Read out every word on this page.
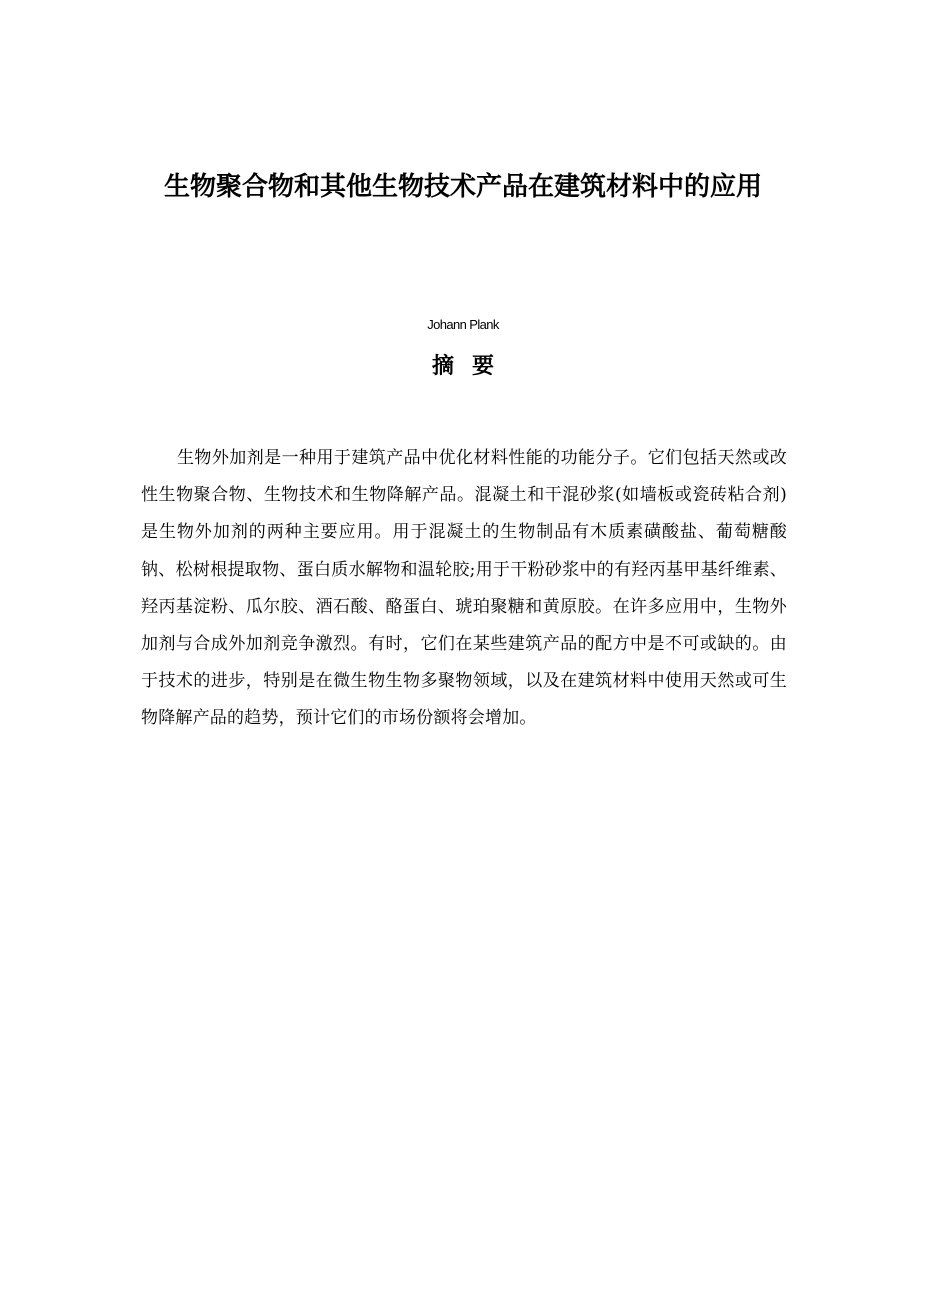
生物聚合物和其他生物技术产品在建筑材料中的应用
Johann Plank
摘 要

生物外加剂是一种用于建筑产品中优化材料性能的功能分子。它们包括天然或改性生物聚合物、生物技术和生物降解产品。混凝土和干混砂浆(如墙板或瓷砖粘合剂)是生物外加剂的两种主要应用。用于混凝土的生物制品有木质素磺酸盐、葡萄糖酸钠、松树根提取物、蛋白质水解物和温轮胶;用于干粉砂浆中的有羟丙基甲基纤维素、羟丙基淀粉、瓜尔胶、酒石酸、酪蛋白、琥珀聚糖和黄原胶。在许多应用中，生物外加剂与合成外加剂竞争激烈。有时，它们在某些建筑产品的配方中是不可或缺的。由于技术的进步，特别是在微生物生物多聚物领域，以及在建筑材料中使用天然或可生物降解产品的趋势，预计它们的市场份额将会增加。
